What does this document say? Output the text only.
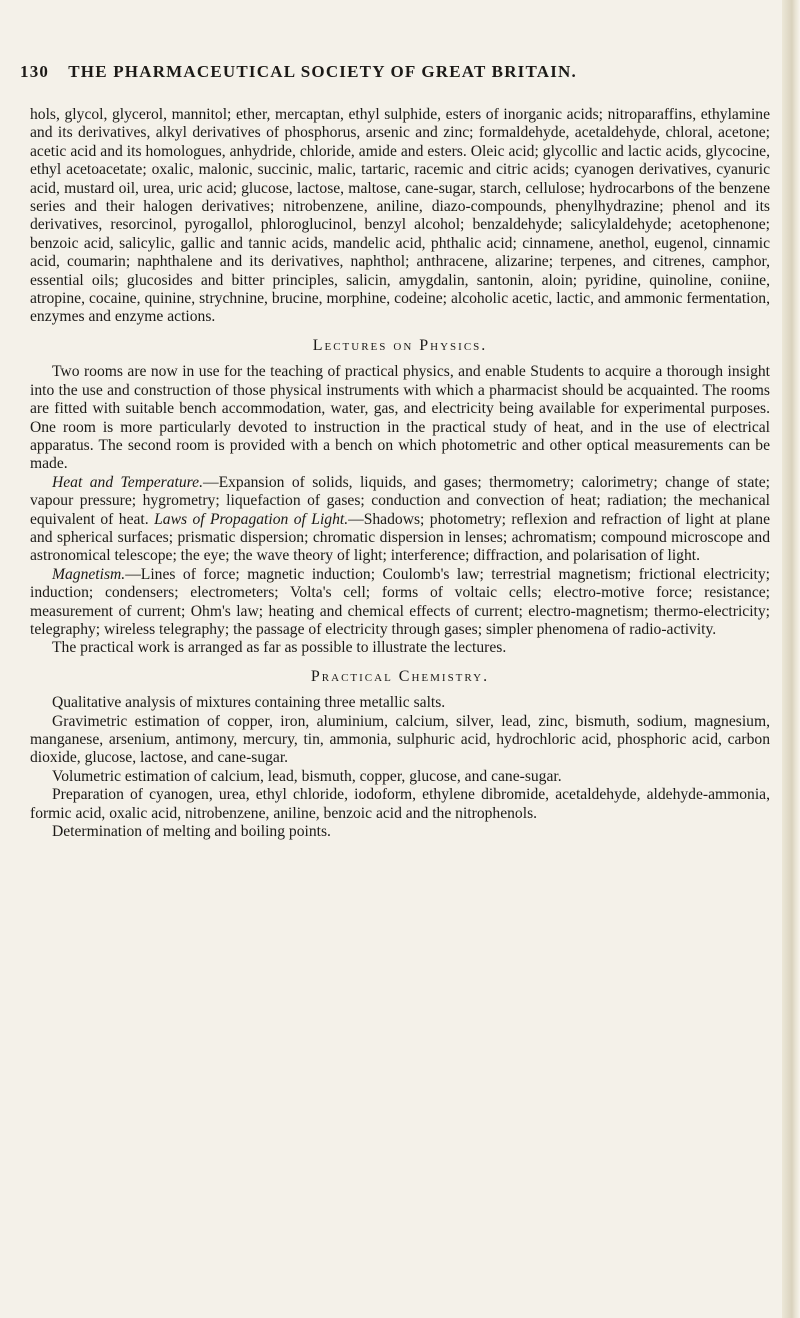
130 THE PHARMACEUTICAL SOCIETY OF GREAT BRITAIN.

hols, glycol, glycerol, mannitol; ether, mercaptan, ethyl sulphide, esters of inorganic acids; nitroparaffins, ethylamine and its derivatives, alkyl derivatives of phosphorus, arsenic and zinc; formaldehyde, acetaldehyde, chloral, acetone; acetic acid and its homologues, anhydride, chloride, amide and esters. Oleic acid; glycollic and lactic acids, glycocine, ethyl acetoacetate; oxalic, malonic, succinic, malic, tartaric, racemic and citric acids; cyanogen derivatives, cyanuric acid, mustard oil, urea, uric acid; glucose, lactose, maltose, cane-sugar, starch, cellulose; hydrocarbons of the benzene series and their halogen derivatives; nitrobenzene, aniline, diazo-compounds, phenylhydrazine; phenol and its derivatives, resorcinol, pyrogallol, phloroglucinol, benzyl alcohol; benzaldehyde; salicylaldehyde; acetophenone; benzoic acid, salicylic, gallic and tannic acids, mandelic acid, phthalic acid; cinnamene, anethol, eugenol, cinnamic acid, coumarin; naphthalene and its derivatives, naphthol; anthracene, alizarine; terpenes, and citrenes, camphor, essential oils; glucosides and bitter principles, salicin, amygdalin, santonin, aloin; pyridine, quinoline, coniine, atropine, cocaine, quinine, strychnine, brucine, morphine, codeine; alcoholic acetic, lactic, and ammonic fermentation, enzymes and enzyme actions.

Lectures on Physics.

Two rooms are now in use for the teaching of practical physics, and enable Students to acquire a thorough insight into the use and construction of those physical instruments with which a pharmacist should be acquainted. The rooms are fitted with suitable bench accommodation, water, gas, and electricity being available for experimental purposes. One room is more particularly devoted to instruction in the practical study of heat, and in the use of electrical apparatus. The second room is provided with a bench on which photometric and other optical measurements can be made.

Heat and Temperature.—Expansion of solids, liquids, and gases; thermometry; calorimetry; change of state; vapour pressure; hygrometry; liquefaction of gases; conduction and convection of heat; radiation; the mechanical equivalent of heat. Laws of Propagation of Light.—Shadows; photometry; reflexion and refraction of light at plane and spherical surfaces; prismatic dispersion; chromatic dispersion in lenses; achromatism; compound microscope and astronomical telescope; the eye; the wave theory of light; interference; diffraction, and polarisation of light.

Magnetism.—Lines of force; magnetic induction; Coulomb's law; terrestrial magnetism; frictional electricity; induction; condensers; electrometers; Volta's cell; forms of voltaic cells; electro-motive force; resistance; measurement of current; Ohm's law; heating and chemical effects of current; electro-magnetism; thermo-electricity; telegraphy; wireless telegraphy; the passage of electricity through gases; simpler phenomena of radio-activity.

The practical work is arranged as far as possible to illustrate the lectures.

Practical Chemistry.

Qualitative analysis of mixtures containing three metallic salts.

Gravimetric estimation of copper, iron, aluminium, calcium, silver, lead, zinc, bismuth, sodium, magnesium, manganese, arsenium, antimony, mercury, tin, ammonia, sulphuric acid, hydrochloric acid, phosphoric acid, carbon dioxide, glucose, lactose, and cane-sugar.

Volumetric estimation of calcium, lead, bismuth, copper, glucose, and cane-sugar.

Preparation of cyanogen, urea, ethyl chloride, iodoform, ethylene dibromide, acetaldehyde, aldehyde-ammonia, formic acid, oxalic acid, nitrobenzene, aniline, benzoic acid and the nitrophenols.

Determination of melting and boiling points.
